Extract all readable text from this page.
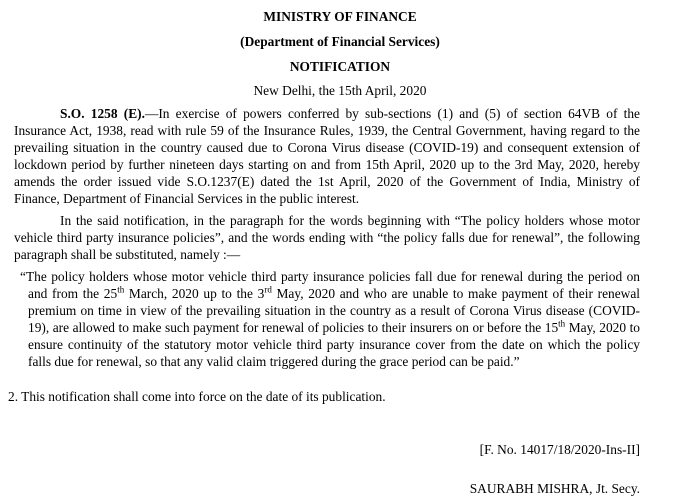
MINISTRY OF FINANCE
(Department of Financial Services)
NOTIFICATION
New Delhi, the 15th April, 2020

S.O. 1258 (E).—In exercise of powers conferred by sub-sections (1) and (5) of section 64VB of the Insurance Act, 1938, read with rule 59 of the Insurance Rules, 1939, the Central Government, having regard to the prevailing situation in the country caused due to Corona Virus disease (COVID-19) and consequent extension of lockdown period by further nineteen days starting on and from 15th April, 2020 up to the 3rd May, 2020, hereby amends the order issued vide S.O.1237(E) dated the 1st April, 2020 of the Government of India, Ministry of Finance, Department of Financial Services in the public interest.

In the said notification, in the paragraph for the words beginning with “The policy holders whose motor vehicle third party insurance policies”, and the words ending with “the policy falls due for renewal”, the following paragraph shall be substituted, namely :—

“The policy holders whose motor vehicle third party insurance policies fall due for renewal during the period on and from the 25th March, 2020 up to the 3rd May, 2020 and who are unable to make payment of their renewal premium on time in view of the prevailing situation in the country as a result of Corona Virus disease (COVID-19), are allowed to make such payment for renewal of policies to their insurers on or before the 15th May, 2020 to ensure continuity of the statutory motor vehicle third party insurance cover from the date on which the policy falls due for renewal, so that any valid claim triggered during the grace period can be paid.”

2. This notification shall come into force on the date of its publication.

[F. No. 14017/18/2020-Ins-II]
SAURABH MISHRA, Jt. Secy.
